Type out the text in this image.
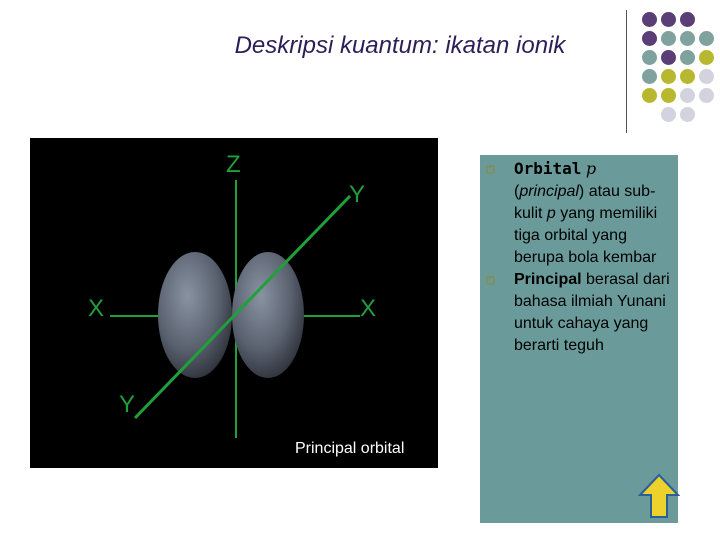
Deskripsi kuantum: ikatan ionik
Z
Y
X	X
Y
Principal orbital
Orbital p
(principal) atau sub-kulit p yang memiliki tiga orbital yang berupa bola kembar
Principal berasal dari bahasa ilmiah Yunani untuk cahaya yang berarti teguh
